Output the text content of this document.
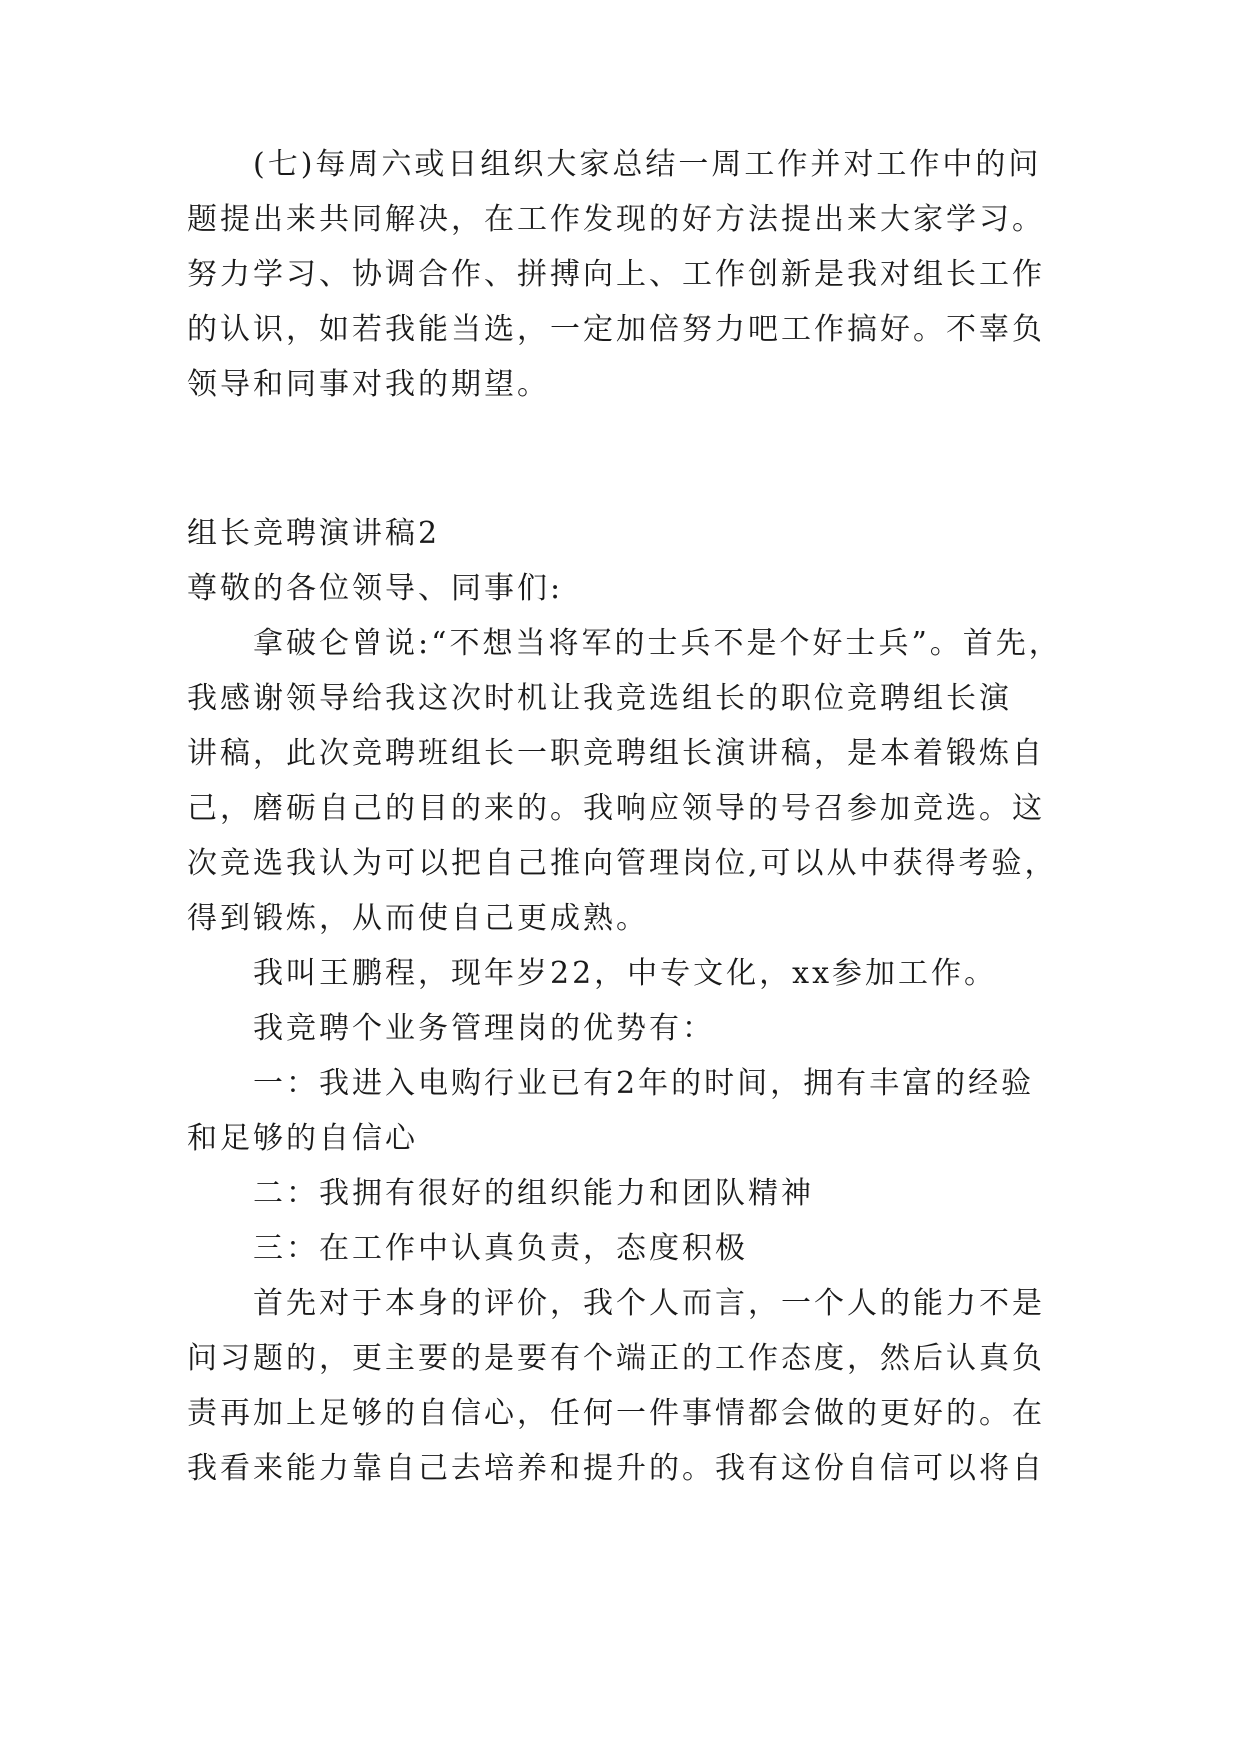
(七)每周六或日组织大家总结一周工作并对工作中的问
题提出来共同解决，在工作发现的好方法提出来大家学习。
努力学习、协调合作、拼搏向上、工作创新是我对组长工作
的认识，如若我能当选，一定加倍努力吧工作搞好。不辜负
领导和同事对我的期望。
组长竞聘演讲稿2
尊敬的各位领导、同事们:
拿破仑曾说:“不想当将军的士兵不是个好士兵”。首先，
我感谢领导给我这次时机让我竞选组长的职位竞聘组长演
讲稿，此次竞聘班组长一职竞聘组长演讲稿，是本着锻炼自
己，磨砺自己的目的来的。我响应领导的号召参加竞选。这
次竞选我认为可以把自己推向管理岗位,可以从中获得考验，
得到锻炼，从而使自己更成熟。
我叫王鹏程，现年岁22，中专文化，xx参加工作。
我竞聘个业务管理岗的优势有：
一：我进入电购行业已有2年的时间，拥有丰富的经验
和足够的自信心
二：我拥有很好的组织能力和团队精神
三：在工作中认真负责，态度积极
首先对于本身的评价，我个人而言，一个人的能力不是
问习题的，更主要的是要有个端正的工作态度，然后认真负
责再加上足够的自信心，任何一件事情都会做的更好的。在
我看来能力靠自己去培养和提升的。我有这份自信可以将自
